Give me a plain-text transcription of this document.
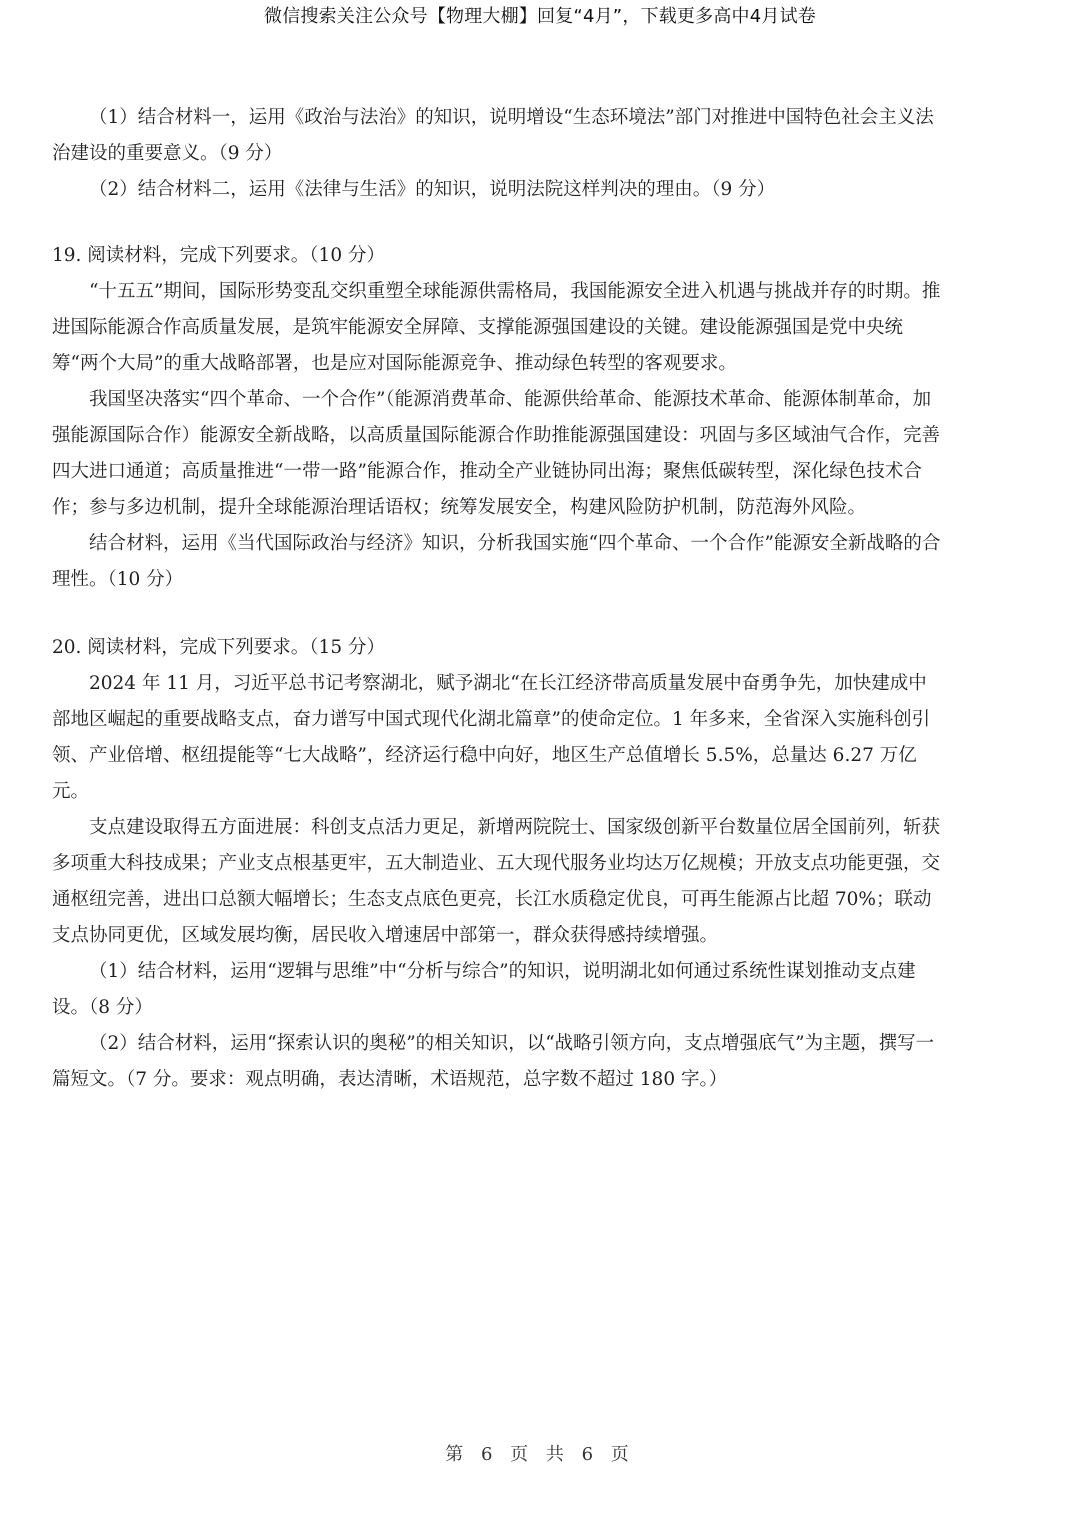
微信搜索关注公众号【物理大棚】回复“4月”，下载更多高中4月试卷

（1）结合材料一，运用《政治与法治》的知识，说明增设“生态环境法”部门对推进中国特色社会主义法治建设的重要意义。（9 分）

（2）结合材料二，运用《法律与生活》的知识，说明法院这样判决的理由。（9 分）

19. 阅读材料，完成下列要求。（10 分）

“十五五”期间，国际形势变乱交织重塑全球能源供需格局，我国能源安全进入机遇与挑战并存的时期。推进国际能源合作高质量发展，是筑牢能源安全屏障、支撑能源强国建设的关键。建设能源强国是党中央统筹“两个大局”的重大战略部署，也是应对国际能源竞争、推动绿色转型的客观要求。

我国坚决落实“四个革命、一个合作”（能源消费革命、能源供给革命、能源技术革命、能源体制革命，加强能源国际合作）能源安全新战略，以高质量国际能源合作助推能源强国建设：巩固与多区域油气合作，完善四大进口通道；高质量推进“一带一路”能源合作，推动全产业链协同出海；聚焦低碳转型，深化绿色技术合作；参与多边机制，提升全球能源治理话语权；统筹发展安全，构建风险防护机制，防范海外风险。

结合材料，运用《当代国际政治与经济》知识，分析我国实施“四个革命、一个合作”能源安全新战略的合理性。（10 分）

20. 阅读材料，完成下列要求。（15 分）

2024 年 11 月，习近平总书记考察湖北，赋予湖北“在长江经济带高质量发展中奋勇争先，加快建成中部地区崛起的重要战略支点，奋力谱写中国式现代化湖北篇章”的使命定位。1 年多来，全省深入实施科创引领、产业倍增、枢纽提能等“七大战略”，经济运行稳中向好，地区生产总值增长 5.5%，总量达 6.27 万亿元。

支点建设取得五方面进展：科创支点活力更足，新增两院院士、国家级创新平台数量位居全国前列，斩获多项重大科技成果；产业支点根基更牢，五大制造业、五大现代服务业均达万亿规模；开放支点功能更强，交通枢纽完善，进出口总额大幅增长；生态支点底色更亮，长江水质稳定优良，可再生能源占比超 70%；联动支点协同更优，区域发展均衡，居民收入增速居中部第一，群众获得感持续增强。

（1）结合材料，运用“逻辑与思维”中“分析与综合”的知识，说明湖北如何通过系统性谋划推动支点建设。（8 分）

（2）结合材料，运用“探索认识的奥秘”的相关知识，以“战略引领方向，支点增强底气”为主题，撰写一篇短文。（7 分。要求：观点明确，表达清晰，术语规范，总字数不超过 180 字。）

第 6 页 共 6 页
